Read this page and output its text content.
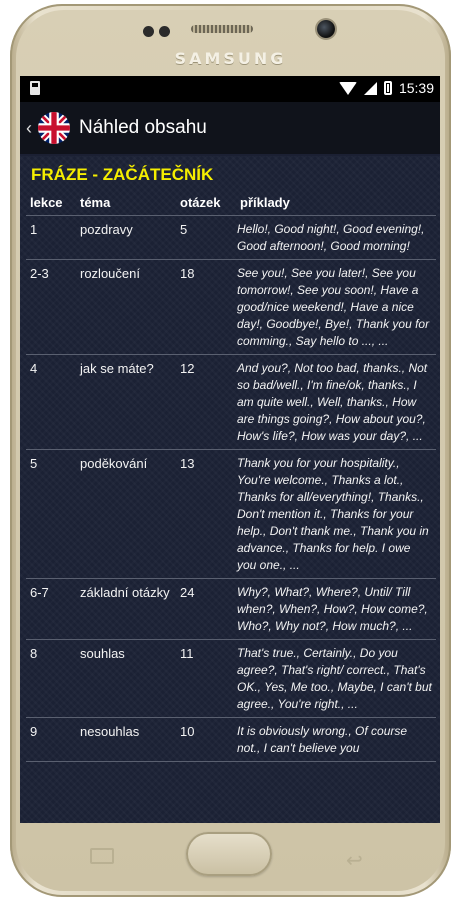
SAMSUNG
15:39
‹ Náhled obsahu
FRÁZE - ZAČÁTEČNÍK
lekce	téma	otázek	příklady
1	pozdravy	5	Hello!, Good night!, Good evening!, Good afternoon!, Good morning!
2-3	rozloučení	18	See you!, See you later!, See you tomorrow!, See you soon!, Have a good/nice weekend!, Have a nice day!, Goodbye!, Bye!, Thank you for comming., Say hello to ..., ...
4	jak se máte?	12	And you?, Not too bad, thanks., Not so bad/well., I'm fine/ok, thanks., I am quite well., Well, thanks., How are things going?, How about you?, How's life?, How was your day?, ...
5	poděkování	13	Thank you for your hospitality., You're welcome., Thanks a lot., Thanks for all/everything!, Thanks., Don't mention it., Thanks for your help., Don't thank me., Thank you in advance., Thanks for help. I owe you one., ...
6-7	základní otázky	24	Why?, What?, Where?, Until/ Till when?, When?, How?, How come?, Who?, Why not?, How much?, ...
8	souhlas	11	That's true., Certainly., Do you agree?, That's right/ correct., That's OK., Yes, Me too., Maybe, I can't but agree., You're right., ...
9	nesouhlas	10	It is obviously wrong., Of course not., I can't believe you
↩
